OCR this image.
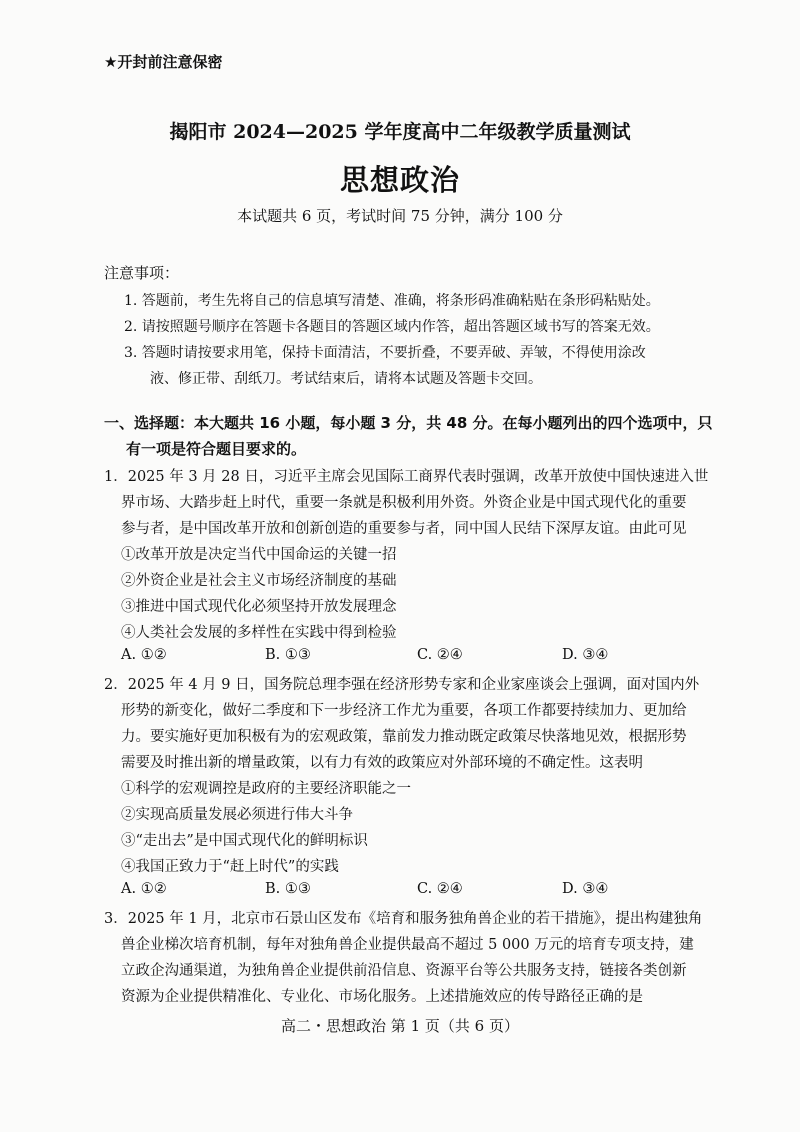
★开封前注意保密
揭阳市 2024—2025 学年度高中二年级教学质量测试
思想政治
本试题共 6 页，考试时间 75 分钟，满分 100 分
注意事项：
1. 答题前，考生先将自己的信息填写清楚、准确，将条形码准确粘贴在条形码粘贴处。
2. 请按照题号顺序在答题卡各题目的答题区域内作答，超出答题区域书写的答案无效。
3. 答题时请按要求用笔，保持卡面清洁，不要折叠，不要弄破、弄皱，不得使用涂改
液、修正带、刮纸刀。考试结束后，请将本试题及答题卡交回。
一、选择题：本大题共 16 小题，每小题 3 分，共 48 分。在每小题列出的四个选项中，只
有一项是符合题目要求的。
1．2025 年 3 月 28 日，习近平主席会见国际工商界代表时强调，改革开放使中国快速进入世
界市场、大踏步赶上时代，重要一条就是积极利用外资。外资企业是中国式现代化的重要
参与者，是中国改革开放和创新创造的重要参与者，同中国人民结下深厚友谊。由此可见
①改革开放是决定当代中国命运的关键一招
②外资企业是社会主义市场经济制度的基础
③推进中国式现代化必须坚持开放发展理念
④人类社会发展的多样性在实践中得到检验
A. ①②	B. ①③	C. ②④	D. ③④
2．2025 年 4 月 9 日，国务院总理李强在经济形势专家和企业家座谈会上强调，面对国内外
形势的新变化，做好二季度和下一步经济工作尤为重要，各项工作都要持续加力、更加给
力。要实施好更加积极有为的宏观政策，靠前发力推动既定政策尽快落地见效，根据形势
需要及时推出新的增量政策，以有力有效的政策应对外部环境的不确定性。这表明
①科学的宏观调控是政府的主要经济职能之一
②实现高质量发展必须进行伟大斗争
③“走出去”是中国式现代化的鲜明标识
④我国正致力于“赶上时代”的实践
A. ①②	B. ①③	C. ②④	D. ③④
3．2025 年 1 月，北京市石景山区发布《培育和服务独角兽企业的若干措施》，提出构建独角
兽企业梯次培育机制，每年对独角兽企业提供最高不超过 5 000 万元的培育专项支持，建
立政企沟通渠道，为独角兽企业提供前沿信息、资源平台等公共服务支持，链接各类创新
资源为企业提供精准化、专业化、市场化服务。上述措施效应的传导路径正确的是
高二・思想政治 第 1 页（共 6 页）
